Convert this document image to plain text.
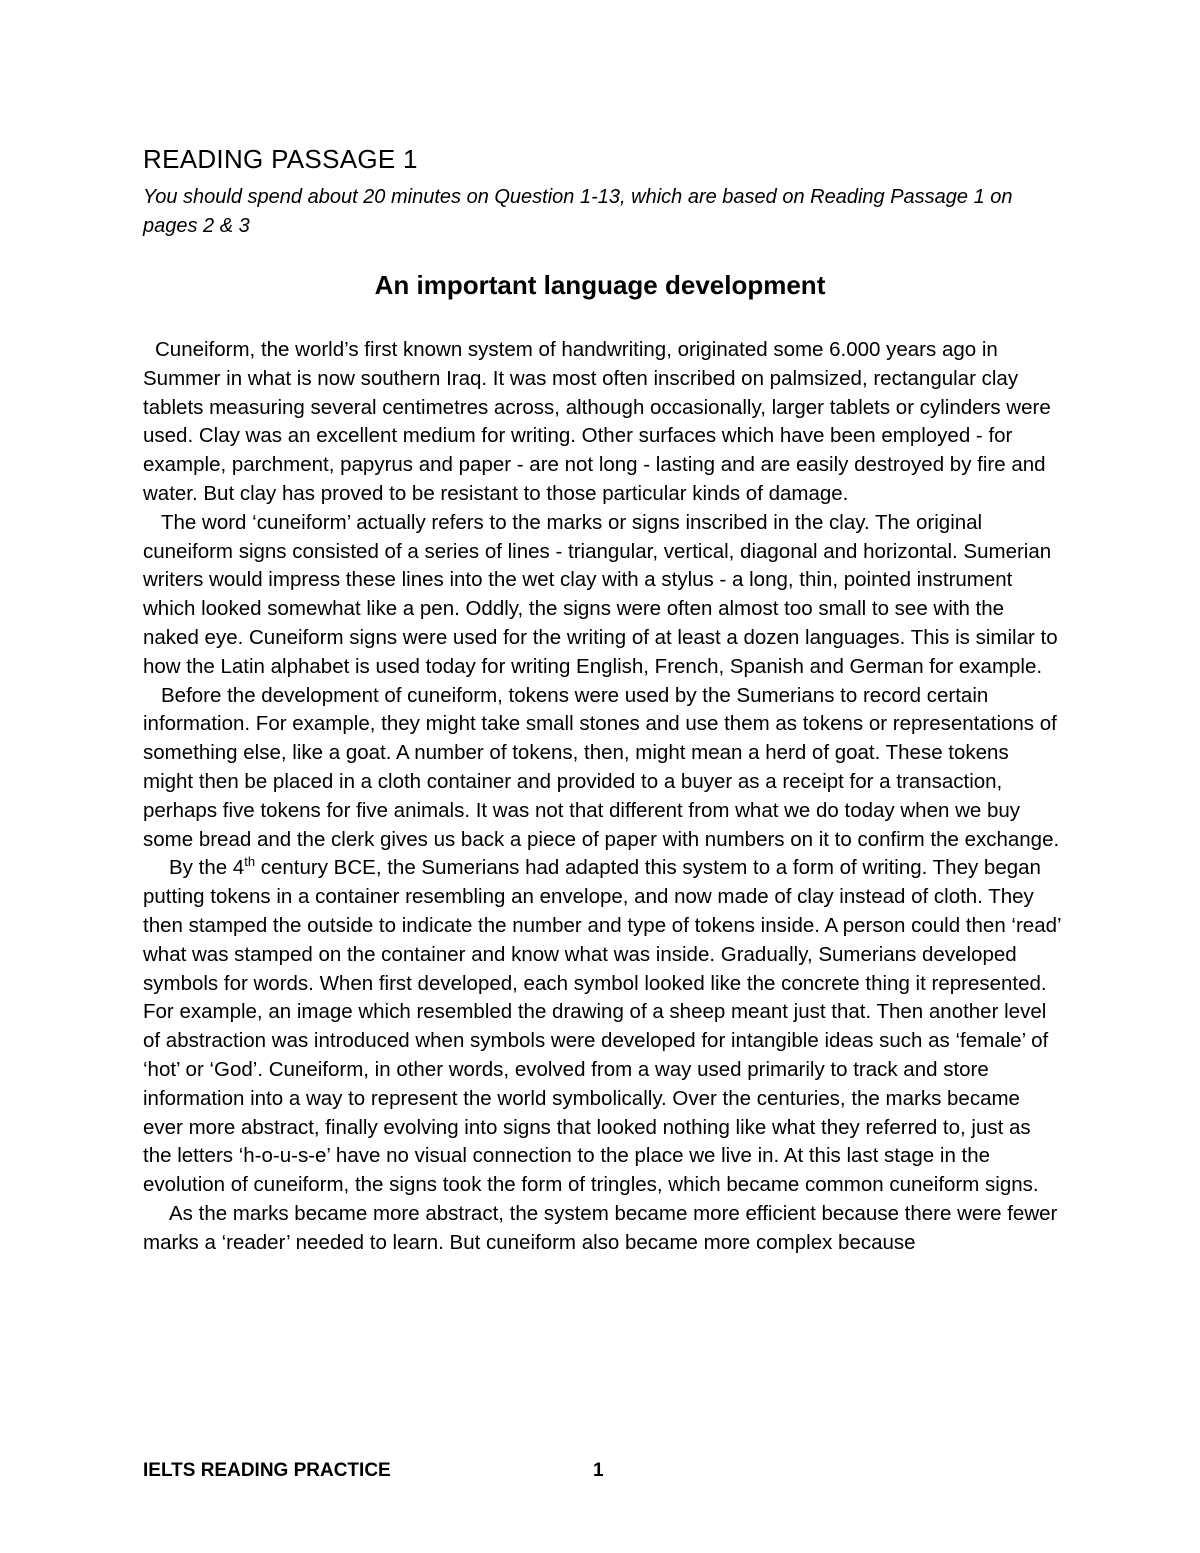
READING PASSAGE 1

You should spend about 20 minutes on Question 1-13, which are based on Reading Passage 1 on pages 2 & 3

An important language development

Cuneiform, the world’s first known system of handwriting, originated some 6.000 years ago in Summer in what is now southern Iraq. It was most often inscribed on palmsized, rectangular clay tablets measuring several centimetres across, although occasionally, larger tablets or cylinders were used. Clay was an excellent medium for writing. Other surfaces which have been employed - for example, parchment, papyrus and paper - are not long - lasting and are easily destroyed by fire and water. But clay has proved to be resistant to those particular kinds of damage.

The word ‘cuneiform’ actually refers to the marks or signs inscribed in the clay. The original cuneiform signs consisted of a series of lines - triangular, vertical, diagonal and horizontal. Sumerian writers would impress these lines into the wet clay with a stylus - a long, thin, pointed instrument which looked somewhat like a pen. Oddly, the signs were often almost too small to see with the naked eye. Cuneiform signs were used for the writing of at least a dozen languages. This is similar to how the Latin alphabet is used today for writing English, French, Spanish and German for example.

Before the development of cuneiform, tokens were used by the Sumerians to record certain information. For example, they might take small stones and use them as tokens or representations of something else, like a goat. A number of tokens, then, might mean a herd of goat. These tokens might then be placed in a cloth container and provided to a buyer as a receipt for a transaction, perhaps five tokens for five animals. It was not that different from what we do today when we buy some bread and the clerk gives us back a piece of paper with numbers on it to confirm the exchange.

By the 4th century BCE, the Sumerians had adapted this system to a form of writing. They began putting tokens in a container resembling an envelope, and now made of clay instead of cloth. They then stamped the outside to indicate the number and type of tokens inside. A person could then ‘read’ what was stamped on the container and know what was inside. Gradually, Sumerians developed symbols for words. When first developed, each symbol looked like the concrete thing it represented. For example, an image which resembled the drawing of a sheep meant just that. Then another level of abstraction was introduced when symbols were developed for intangible ideas such as ‘female’ of

‘hot’ or ‘God’. Cuneiform, in other words, evolved from a way used primarily to track and store information into a way to represent the world symbolically. Over the centuries, the marks became ever more abstract, finally evolving into signs that looked nothing like what they referred to, just as the letters ‘h-o-u-s-e’ have no visual connection to the place we live in. At this last stage in the evolution of cuneiform, the signs took the form of tringles, which became common cuneiform signs.

As the marks became more abstract, the system became more efficient because there were fewer marks a ‘reader’ needed to learn. But cuneiform also became more complex because

IELTS READING PRACTICE	1
